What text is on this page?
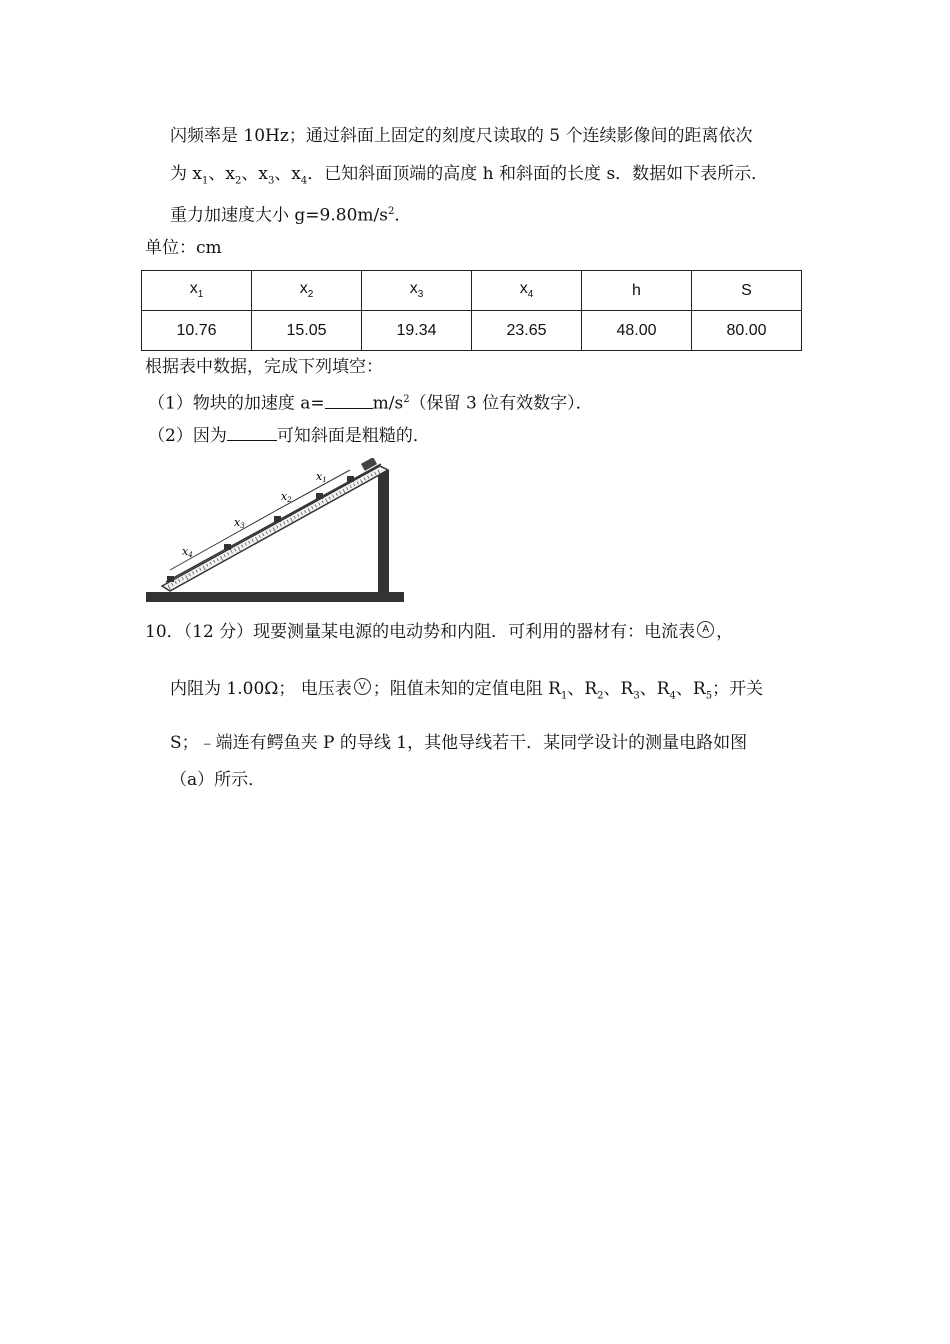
闪频率是 10Hz；通过斜面上固定的刻度尺读取的 5 个连续影像间的距离依次
为 $x_1$、$x_2$、$x_3$、$x_4$．已知斜面顶端的高度 h 和斜面的长度 s．数据如下表所示．
重力加速度大小 $g=9.80m/s^2$．
单位：cm
$x_1$	$x_2$	$x_3$	$x_4$	h	S
10.76	15.05	19.34	23.65	48.00	80.00
根据表中数据，完成下列填空：
（1）物块的加速度 a=	$m/s^2$（保留 3 位有效数字）．
（2）因为	可知斜面是粗糙的．
x4
x3
x2
x1
10．（12 分）现要测量某电源的电动势和内阻．可利用的器材有：电流表 A ，
内阻为 1.00Ω； 电压表 V ；阻值未知的定值电阻 $R_1$、$R_2$、$R_3$、$R_4$、$R_5$；开关
S；﹣端连有鳄鱼夹 P 的导线 1，其他导线若干．某同学设计的测量电路如图
（a）所示．
